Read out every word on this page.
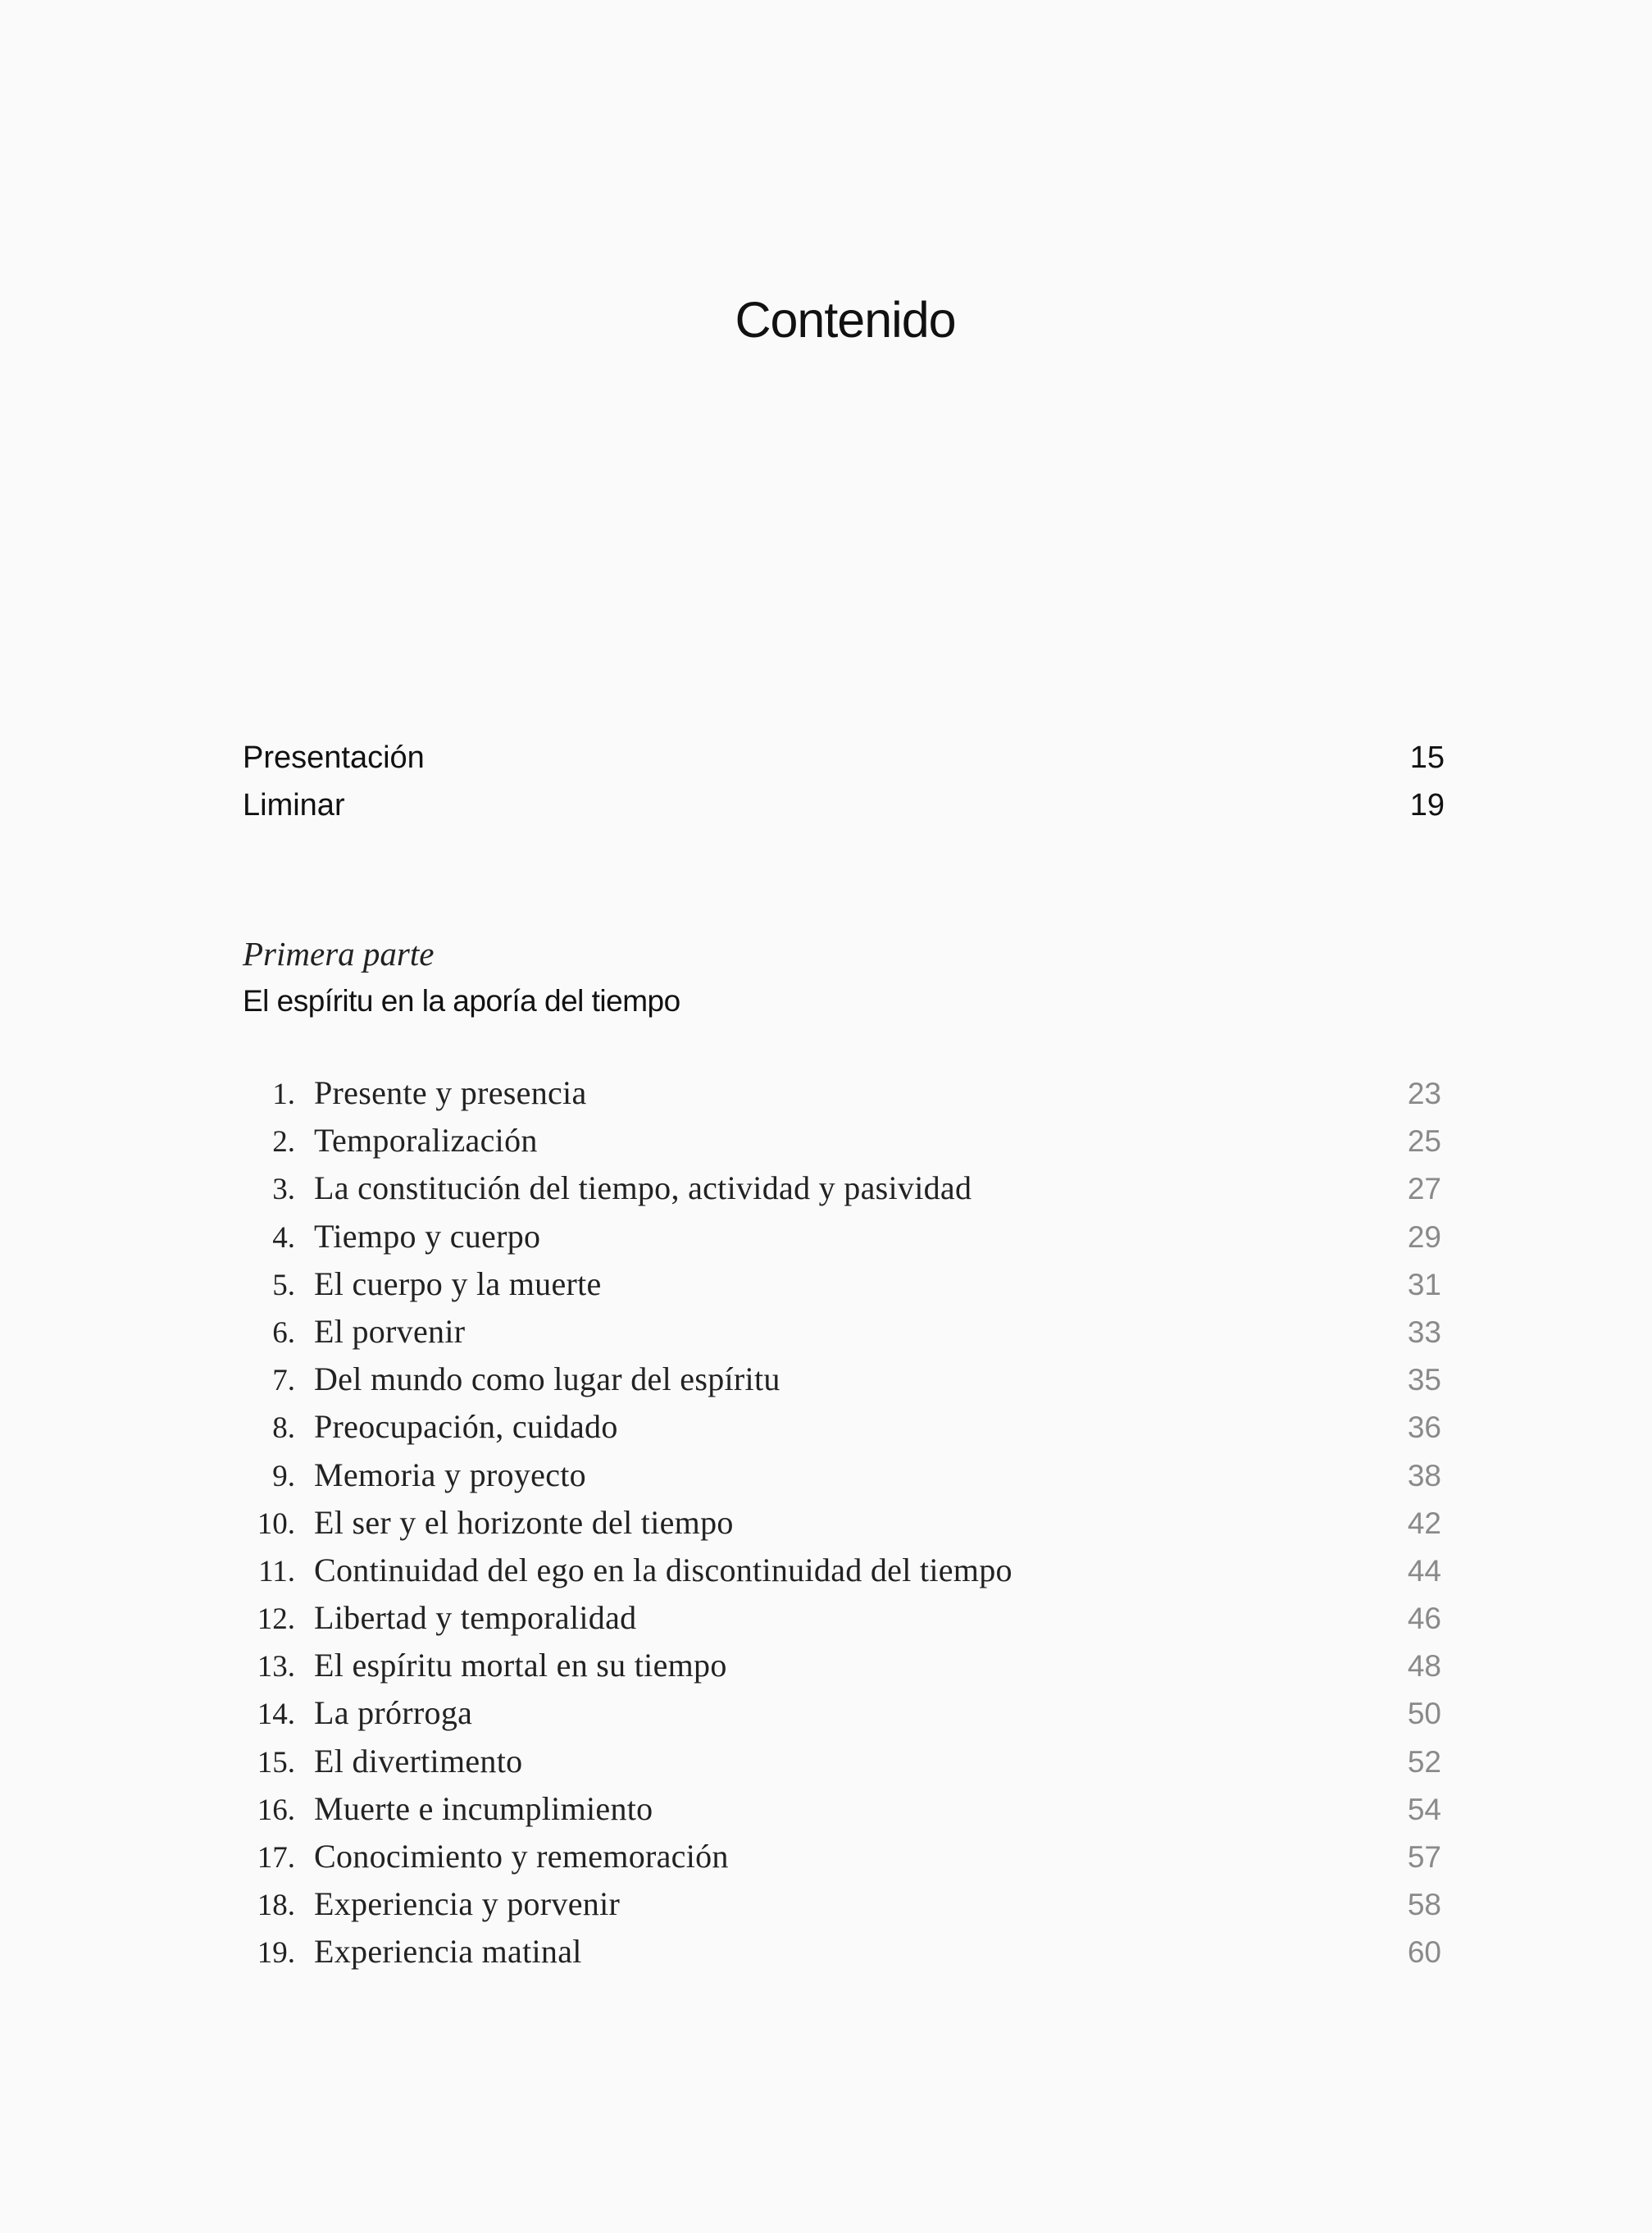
Contenido
Presentación	15
Liminar	19
Primera parte
El espíritu en la aporía del tiempo
1. Presente y presencia	23
2. Temporalización	25
3. La constitución del tiempo, actividad y pasividad	27
4. Tiempo y cuerpo	29
5. El cuerpo y la muerte	31
6. El porvenir	33
7. Del mundo como lugar del espíritu	35
8. Preocupación, cuidado	36
9. Memoria y proyecto	38
10. El ser y el horizonte del tiempo	42
11. Continuidad del ego en la discontinuidad del tiempo	44
12. Libertad y temporalidad	46
13. El espíritu mortal en su tiempo	48
14. La prórroga	50
15. El divertimento	52
16. Muerte e incumplimiento	54
17. Conocimiento y rememoración	57
18. Experiencia y porvenir	58
19. Experiencia matinal	60
